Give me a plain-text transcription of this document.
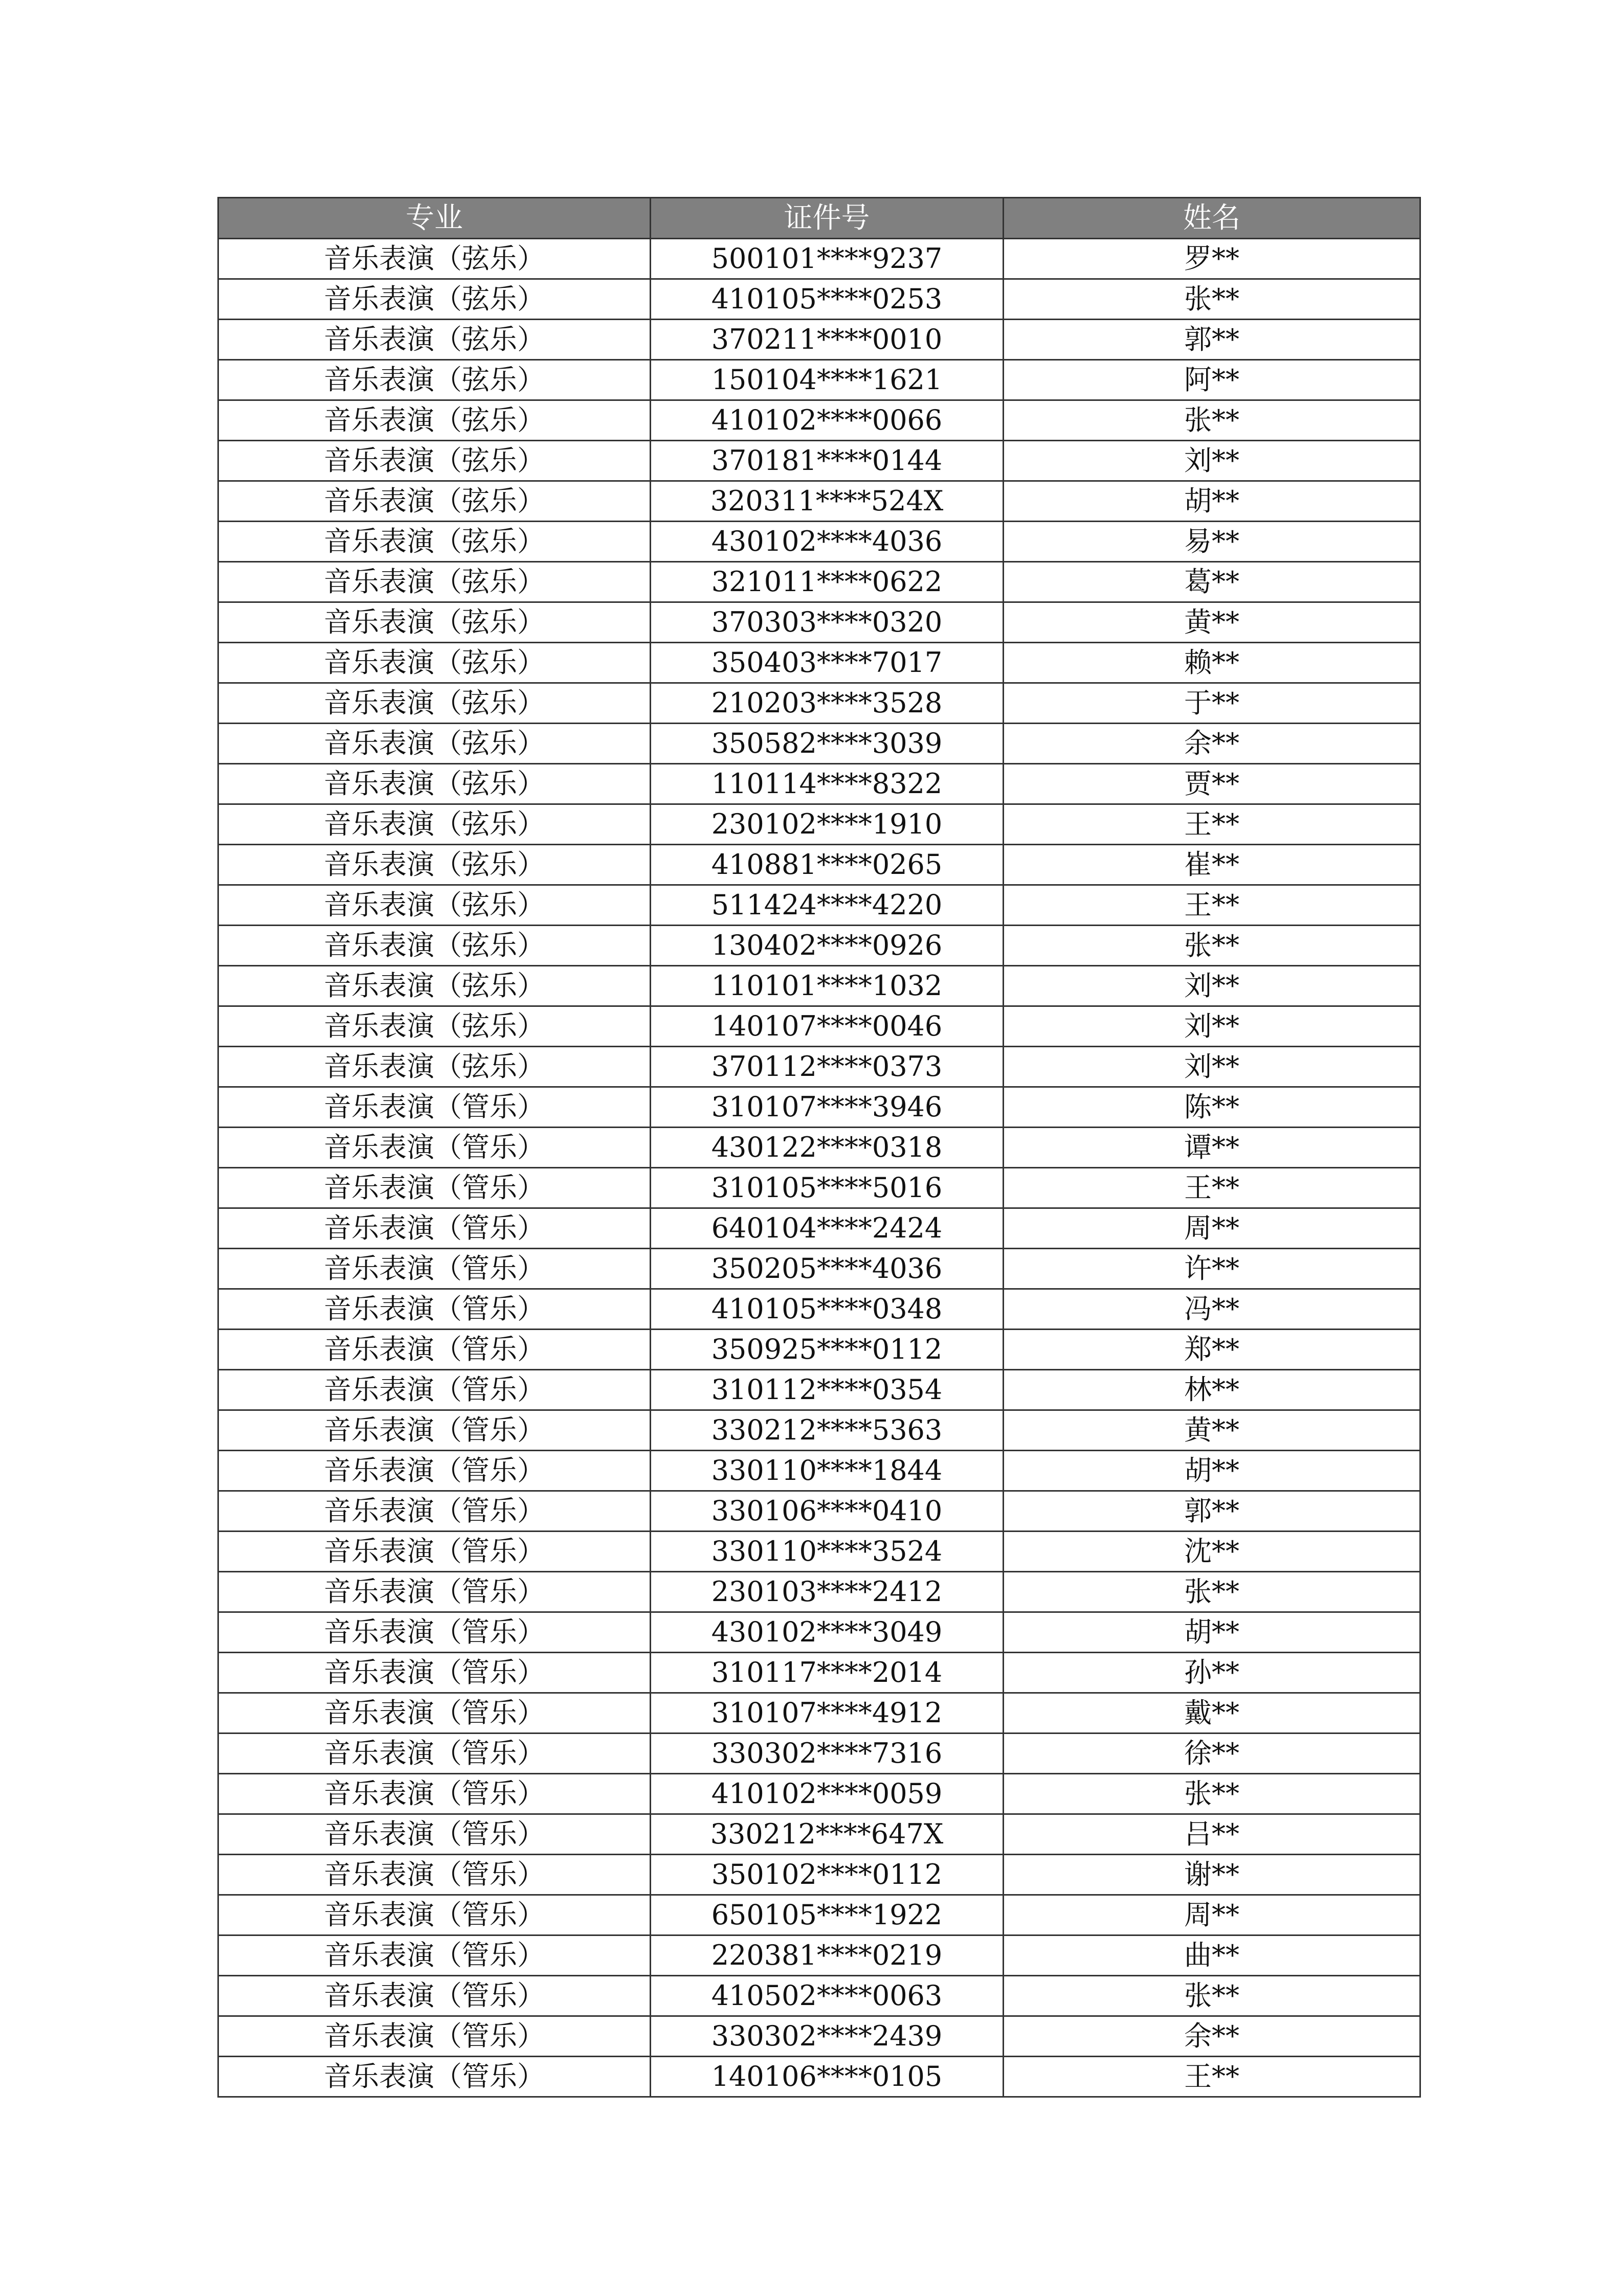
专业	证件号	姓名
音乐表演（弦乐）	500101****9237	罗**
音乐表演（弦乐）	410105****0253	张**
音乐表演（弦乐）	370211****0010	郭**
音乐表演（弦乐）	150104****1621	阿**
音乐表演（弦乐）	410102****0066	张**
音乐表演（弦乐）	370181****0144	刘**
音乐表演（弦乐）	320311****524X	胡**
音乐表演（弦乐）	430102****4036	易**
音乐表演（弦乐）	321011****0622	葛**
音乐表演（弦乐）	370303****0320	黄**
音乐表演（弦乐）	350403****7017	赖**
音乐表演（弦乐）	210203****3528	于**
音乐表演（弦乐）	350582****3039	余**
音乐表演（弦乐）	110114****8322	贾**
音乐表演（弦乐）	230102****1910	王**
音乐表演（弦乐）	410881****0265	崔**
音乐表演（弦乐）	511424****4220	王**
音乐表演（弦乐）	130402****0926	张**
音乐表演（弦乐）	110101****1032	刘**
音乐表演（弦乐）	140107****0046	刘**
音乐表演（弦乐）	370112****0373	刘**
音乐表演（管乐）	310107****3946	陈**
音乐表演（管乐）	430122****0318	谭**
音乐表演（管乐）	310105****5016	王**
音乐表演（管乐）	640104****2424	周**
音乐表演（管乐）	350205****4036	许**
音乐表演（管乐）	410105****0348	冯**
音乐表演（管乐）	350925****0112	郑**
音乐表演（管乐）	310112****0354	林**
音乐表演（管乐）	330212****5363	黄**
音乐表演（管乐）	330110****1844	胡**
音乐表演（管乐）	330106****0410	郭**
音乐表演（管乐）	330110****3524	沈**
音乐表演（管乐）	230103****2412	张**
音乐表演（管乐）	430102****3049	胡**
音乐表演（管乐）	310117****2014	孙**
音乐表演（管乐）	310107****4912	戴**
音乐表演（管乐）	330302****7316	徐**
音乐表演（管乐）	410102****0059	张**
音乐表演（管乐）	330212****647X	吕**
音乐表演（管乐）	350102****0112	谢**
音乐表演（管乐）	650105****1922	周**
音乐表演（管乐）	220381****0219	曲**
音乐表演（管乐）	410502****0063	张**
音乐表演（管乐）	330302****2439	余**
音乐表演（管乐）	140106****0105	王**
